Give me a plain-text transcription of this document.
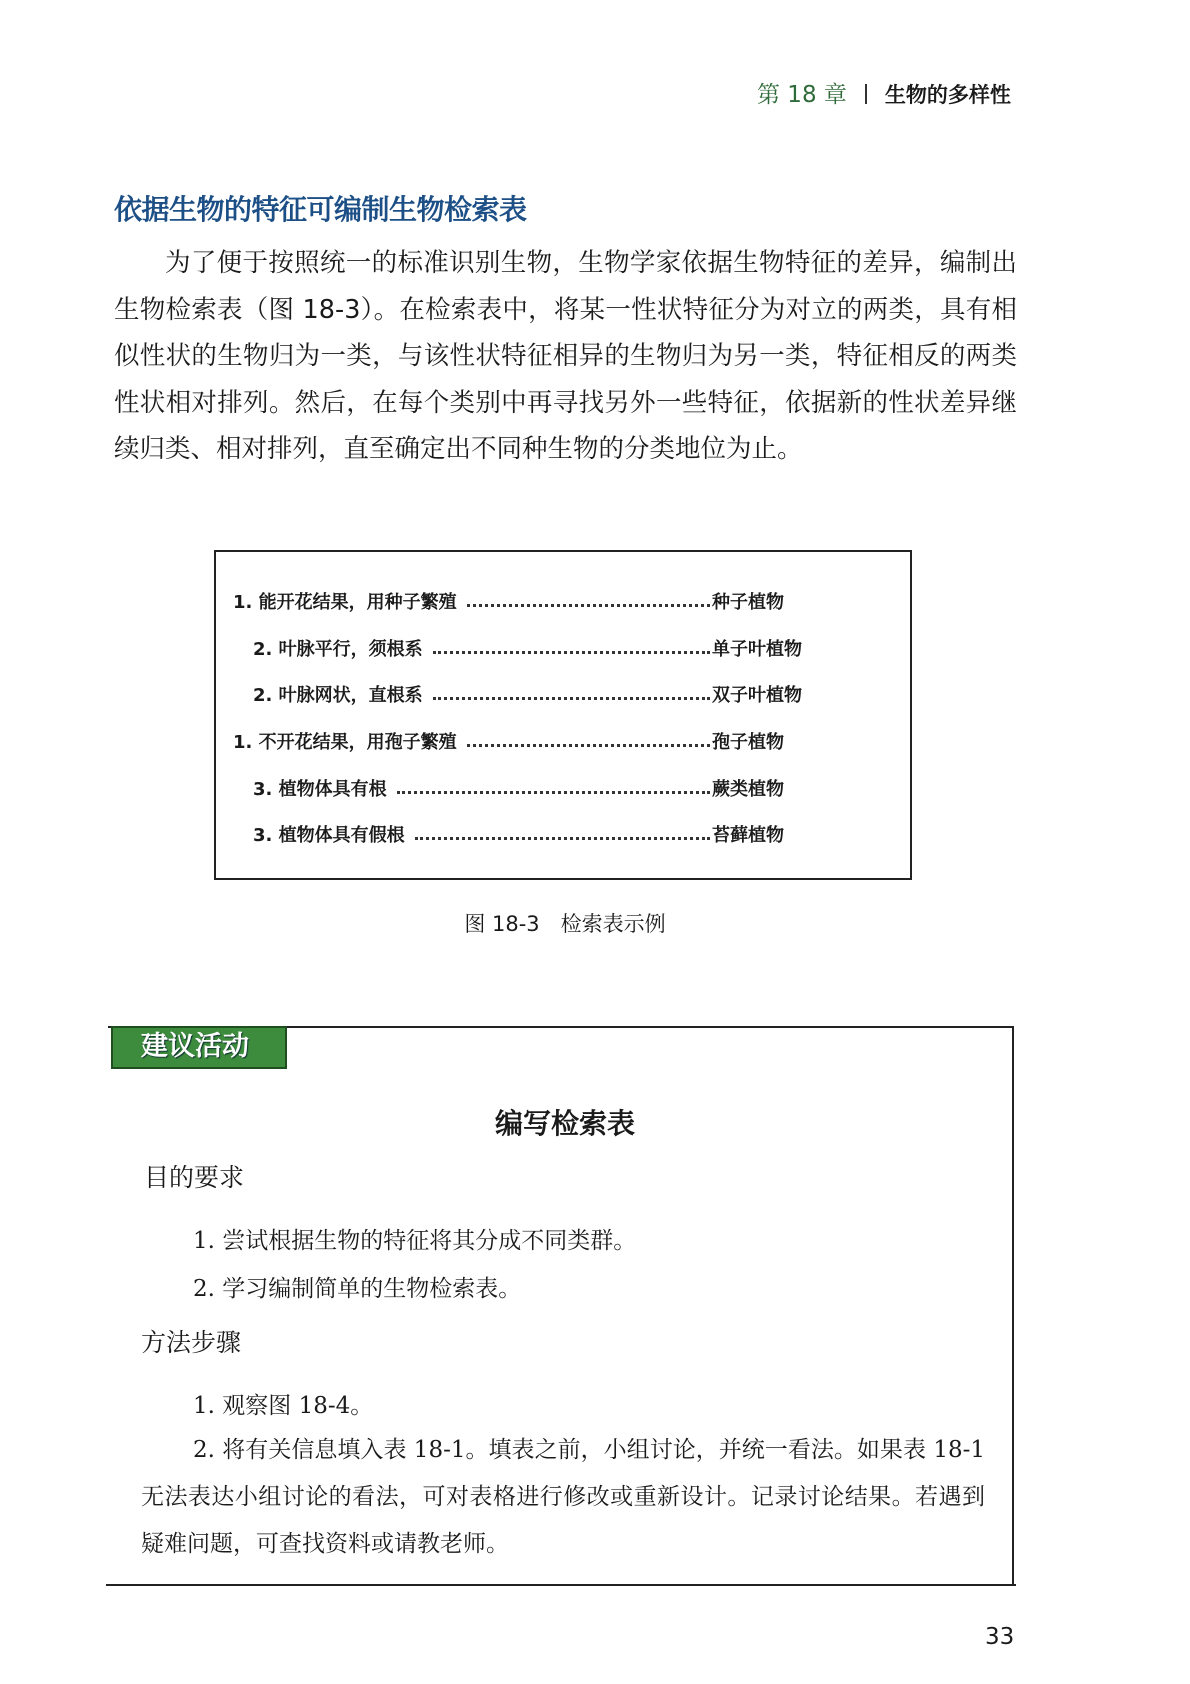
第 18 章 生物的多样性
依据生物的特征可编制生物检索表
为了便于按照统一的标准识别生物，生物学家依据生物特征的差异，编制出生物检索表（图 18-3）。在检索表中，将某一性状特征分为对立的两类，具有相似性状的生物归为一类，与该性状特征相异的生物归为另一类，特征相反的两类性状相对排列。然后，在每个类别中再寻找另外一些特征，依据新的性状差异继续归类、相对排列，直至确定出不同种生物的分类地位为止。
1. 能开花结果，用种子繁殖	种子植物
2. 叶脉平行，须根系	单子叶植物
2. 叶脉网状，直根系	双子叶植物
1. 不开花结果，用孢子繁殖	孢子植物
3. 植物体具有根	蕨类植物
3. 植物体具有假根	苔藓植物
图 18-3　检索表示例
建议活动
编写检索表
目的要求
1. 尝试根据生物的特征将其分成不同类群。
2. 学习编制简单的生物检索表。
方法步骤
1. 观察图 18-4。
2. 将有关信息填入表 18-1。填表之前，小组讨论，并统一看法。如果表 18-1 无法表达小组讨论的看法，可对表格进行修改或重新设计。记录讨论结果。若遇到疑难问题，可查找资料或请教老师。
33
